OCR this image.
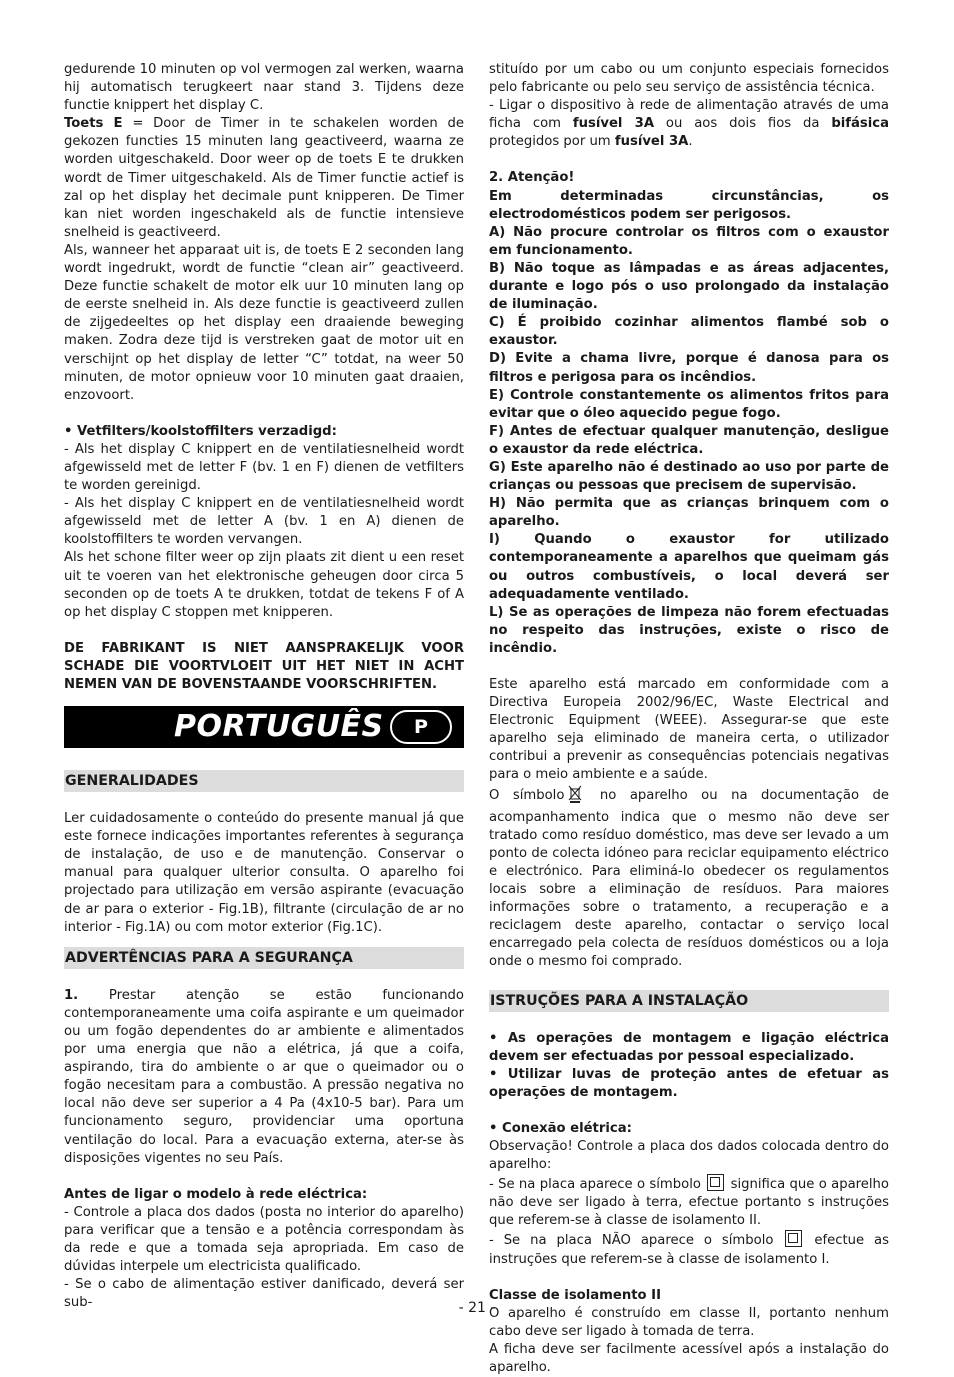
gedurende 10 minuten op vol vermogen zal werken, waarna hij automatisch terugkeert naar stand 3. Tijdens deze functie knippert het display C.

Toets E = Door de Timer in te schakelen worden de gekozen functies 15 minuten lang geactiveerd, waarna ze worden uitgeschakeld. Door weer op de toets E te drukken wordt de Timer uitgeschakeld. Als de Timer functie actief is zal op het display het decimale punt knipperen. De Timer kan niet worden ingeschakeld als de functie intensieve snelheid is geactiveerd.

Als, wanneer het apparaat uit is, de toets E 2 seconden lang wordt ingedrukt, wordt de functie “clean air” geactiveerd. Deze functie schakelt de motor elk uur 10 minuten lang op de eerste snelheid in. Als deze functie is geactiveerd zullen de zijgedeeltes op het display een draaiende beweging maken. Zodra deze tijd is verstreken gaat de motor uit en verschijnt op het display de letter “C” totdat, na weer 50 minuten, de motor opnieuw voor 10 minuten gaat draaien, enzovoort.

• Vetfilters/koolstoffilters verzadigd:

- Als het display C knippert en de ventilatiesnelheid wordt afgewisseld met de letter F (bv. 1 en F) dienen de vetfilters te worden gereinigd.

- Als het display C knippert en de ventilatiesnelheid wordt afgewisseld met de letter A (bv. 1 en A) dienen de koolstoffilters te worden vervangen.

Als het schone filter weer op zijn plaats zit dient u een reset uit te voeren van het elektronische geheugen door circa 5 seconden op de toets A te drukken, totdat de tekens F of A op het display C stoppen met knipperen.

DE FABRIKANT IS NIET AANSPRAKELIJK VOOR SCHADE DIE VOORTVLOEIT UIT HET NIET IN ACHT NEMEN VAN DE BOVENSTAANDE VOORSCHRIFTEN.

PORTUGUÊS	P
GENERALIDADES

Ler cuidadosamente o conteúdo do presente manual já que este fornece indicações importantes referentes à segurança de instalação, de uso e de manutenção. Conservar o manual para qualquer ulterior consulta. O aparelho foi projectado para utilização em versão aspirante (evacuação de ar para o exterior - Fig.1B), filtrante (circulação de ar no interior - Fig.1A) ou com motor exterior (Fig.1C).

ADVERTÊNCIAS PARA A SEGURANÇA

1. Prestar atenção se estão funcionando contemporaneamente uma coifa aspirante e um queimador ou um fogão dependentes do ar ambiente e alimentados por uma energia que não a elétrica, já que a coifa, aspirando, tira do ambiente o ar que o queimador ou o fogão necesitam para a combustão. A pressão negativa no local não deve ser superior a 4 Pa (4x10-5 bar). Para um funcionamento seguro, providenciar uma oportuna ventilação do local. Para a evacuação externa, ater-se às disposições vigentes no seu País.

Antes de ligar o modelo à rede eléctrica:

- Controle a placa dos dados (posta no interior do aparelho) para verificar que a tensão e a potência correspondam às da rede e que a tomada seja apropriada. Em caso de dúvidas interpele um electricista qualificado.

- Se o cabo de alimentação estiver danificado, deverá ser sub-

stituído por um cabo ou um conjunto especiais fornecidos pelo fabricante ou pelo seu serviço de assistência técnica.

- Ligar o dispositivo à rede de alimentação através de uma ficha com fusível 3A ou aos dois fios da bifásica protegidos por um fusível 3A.

2. Atenção!

Em determinadas circunstâncias, os electrodomésticos podem ser perigosos.

A) Não procure controlar os filtros com o exaustor em funcionamento.

B) Não toque as lâmpadas e as áreas adjacentes, durante e logo pós o uso prolongado da instalação de iluminação.

C) É proibido cozinhar alimentos flambé sob o exaustor.

D) Evite a chama livre, porque é danosa para os filtros e perigosa para os incêndios.

E) Controle constantemente os alimentos fritos para evitar que o óleo aquecido pegue fogo.

F) Antes de efectuar qualquer manutenção, desligue o exaustor da rede eléctrica.

G) Este aparelho não é destinado ao uso por parte de crianças ou pessoas que precisem de supervisão.

H) Não permita que as crianças brinquem com o aparelho.

I) Quando o exaustor for utilizado contemporaneamente a aparelhos que queimam gás ou outros combustíveis, o local deverá ser adequadamente ventilado.

L) Se as operações de limpeza não forem efectuadas no respeito das instruções, existe o risco de incêndio.

Este aparelho está marcado em conformidade com a Directiva Europeia 2002/96/EC, Waste Electrical and Electronic Equipment (WEEE). Assegurar-se que este aparelho seja eliminado de maneira certa, o utilizador contribui a prevenir as consequências potenciais negativas para o meio ambiente e a saúde.

O símbolo no aparelho ou na documentação de acompanhamento indica que o mesmo não deve ser tratado como resíduo doméstico, mas deve ser levado a um ponto de colecta idóneo para reciclar equipamento eléctrico e electrónico. Para eliminá-lo obedecer os regulamentos locais sobre a eliminação de resíduos. Para maiores informações sobre o tratamento, a recuperação e a reciclagem deste aparelho, contactar o serviço local encarregado pela colecta de resíduos domésticos ou a loja onde o mesmo foi comprado.

ISTRUÇÕES PARA A INSTALAÇÃO

• As operações de montagem e ligação eléctrica devem ser efectuadas por pessoal especializado.

• Utilizar luvas de proteção antes de efetuar as operações de montagem.

• Conexão elétrica:

Observação! Controle a placa dos dados colocada dentro do aparelho:

- Se na placa aparece o símbolo  significa que o aparelho não deve ser ligado à terra, efectue portanto s instruções que referem-se à classe de isolamento II.

- Se na placa NÃO aparece o símbolo  efectue as instruções que referem-se à classe de isolamento I.

Classe de isolamento II

O aparelho é construído em classe II, portanto nenhum cabo deve ser ligado à tomada de terra.

A ficha deve ser facilmente acessível após a instalação do aparelho.

- 21 -
